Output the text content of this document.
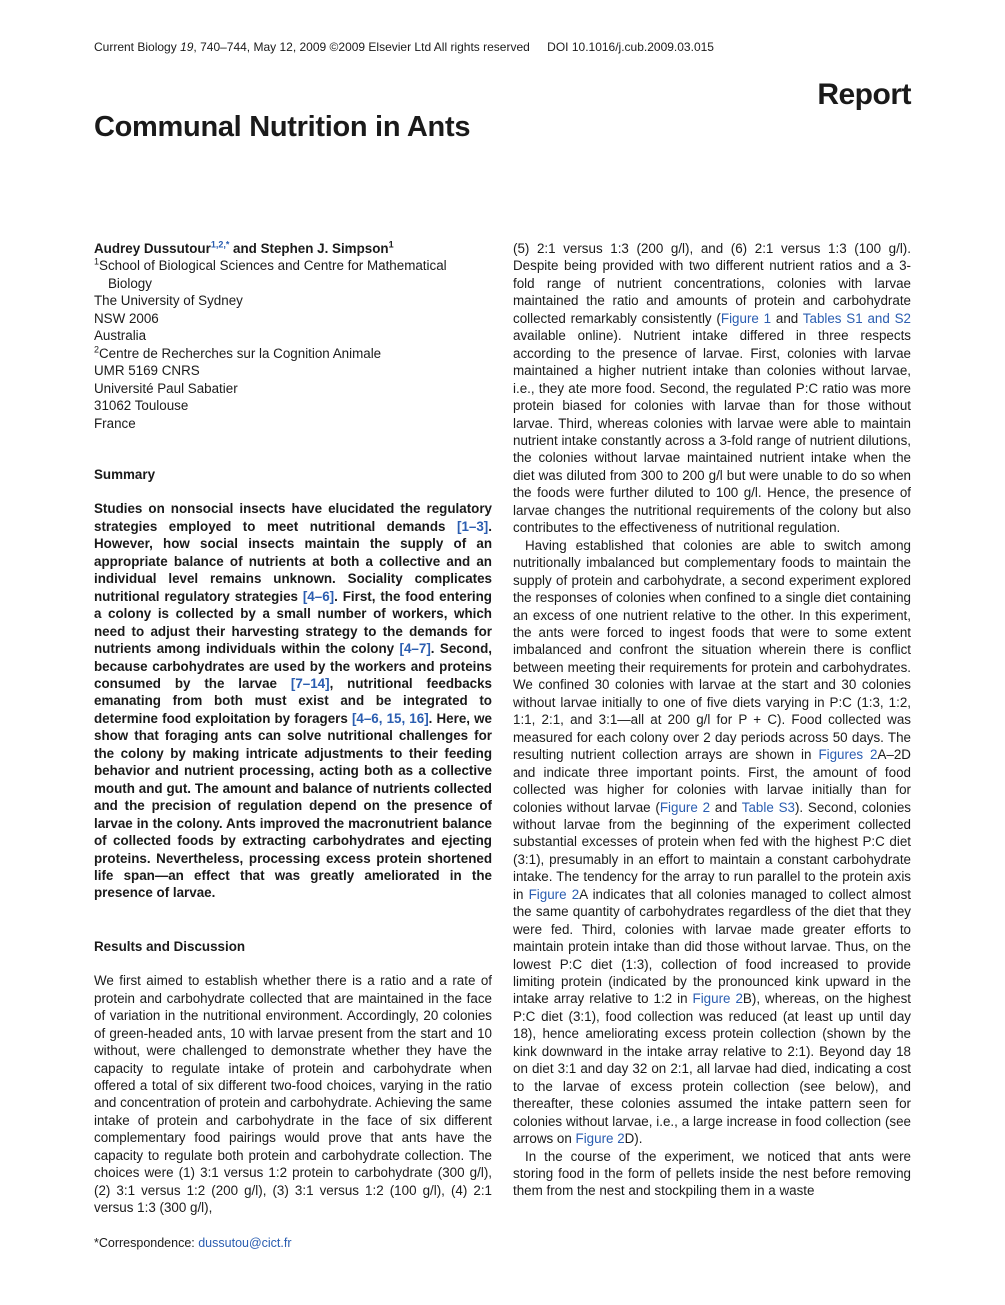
Current Biology 19, 740–744, May 12, 2009 ©2009 Elsevier Ltd All rights reserved DOI 10.1016/j.cub.2009.03.015
Report
Communal Nutrition in Ants
Audrey Dussutour$^{1,2,*}$ and Stephen J. Simpson$^1$
$^1$School of Biological Sciences and Centre for Mathematical
Biology
The University of Sydney
NSW 2006
Australia
$^2$Centre de Recherches sur la Cognition Animale
UMR 5169 CNRS
Université Paul Sabatier
31062 Toulouse
France
Summary

Studies on nonsocial insects have elucidated the regulatory strategies employed to meet nutritional demands [1–3]. However, how social insects maintain the supply of an appropriate balance of nutrients at both a collective and an individual level remains unknown. Sociality complicates nutritional regulatory strategies [4–6]. First, the food entering a colony is collected by a small number of workers, which need to adjust their harvesting strategy to the demands for nutrients among individuals within the colony [4–7]. Second, because carbohydrates are used by the workers and proteins consumed by the larvae [7–14], nutritional feedbacks emanating from both must exist and be integrated to determine food exploitation by foragers [4–6, 15, 16]. Here, we show that foraging ants can solve nutritional challenges for the colony by making intricate adjustments to their feeding behavior and nutrient processing, acting both as a collective mouth and gut. The amount and balance of nutrients collected and the precision of regulation depend on the presence of larvae in the colony. Ants improved the macronutrient balance of collected foods by extracting carbohydrates and ejecting proteins. Nevertheless, processing excess protein shortened life span—an effect that was greatly ameliorated in the presence of larvae.

Results and Discussion

We first aimed to establish whether there is a ratio and a rate of protein and carbohydrate collected that are maintained in the face of variation in the nutritional environment. Accordingly, 20 colonies of green-headed ants, 10 with larvae present from the start and 10 without, were challenged to demonstrate whether they have the capacity to regulate intake of protein and carbohydrate when offered a total of six different two-food choices, varying in the ratio and concentration of protein and carbohydrate. Achieving the same intake of protein and carbohydrate in the face of six different complementary food pairings would prove that ants have the capacity to regulate both protein and carbohydrate collection. The choices were (1) 3:1 versus 1:2 protein to carbohydrate (300 g/l), (2) 3:1 versus 1:2 (200 g/l), (3) 3:1 versus 1:2 (100 g/l), (4) 2:1 versus 1:3 (300 g/l),

(5) 2:1 versus 1:3 (200 g/l), and (6) 2:1 versus 1:3 (100 g/l). Despite being provided with two different nutrient ratios and a 3-fold range of nutrient concentrations, colonies with larvae maintained the ratio and amounts of protein and carbohydrate collected remarkably consistently (Figure 1 and Tables S1 and S2 available online). Nutrient intake differed in three respects according to the presence of larvae. First, colonies with larvae maintained a higher nutrient intake than colonies without larvae, i.e., they ate more food. Second, the regulated P:C ratio was more protein biased for colonies with larvae than for those without larvae. Third, whereas colonies with larvae were able to maintain nutrient intake constantly across a 3-fold range of nutrient dilutions, the colonies without larvae maintained nutrient intake when the diet was diluted from 300 to 200 g/l but were unable to do so when the foods were further diluted to 100 g/l. Hence, the presence of larvae changes the nutritional requirements of the colony but also contributes to the effectiveness of nutritional regulation.

Having established that colonies are able to switch among nutritionally imbalanced but complementary foods to maintain the supply of protein and carbohydrate, a second experiment explored the responses of colonies when confined to a single diet containing an excess of one nutrient relative to the other. In this experiment, the ants were forced to ingest foods that were to some extent imbalanced and confront the situation wherein there is conflict between meeting their requirements for protein and carbohydrates. We confined 30 colonies with larvae at the start and 30 colonies without larvae initially to one of five diets varying in P:C (1:3, 1:2, 1:1, 2:1, and 3:1—all at 200 g/l for P + C). Food collected was measured for each colony over 2 day periods across 50 days. The resulting nutrient collection arrays are shown in Figures 2A–2D and indicate three important points. First, the amount of food collected was higher for colonies with larvae initially than for colonies without larvae (Figure 2 and Table S3). Second, colonies without larvae from the beginning of the experiment collected substantial excesses of protein when fed with the highest P:C diet (3:1), presumably in an effort to maintain a constant carbohydrate intake. The tendency for the array to run parallel to the protein axis in Figure 2A indicates that all colonies managed to collect almost the same quantity of carbohydrates regardless of the diet that they were fed. Third, colonies with larvae made greater efforts to maintain protein intake than did those without larvae. Thus, on the lowest P:C diet (1:3), collection of food increased to provide limiting protein (indicated by the pronounced kink upward in the intake array relative to 1:2 in Figure 2B), whereas, on the highest P:C diet (3:1), food collection was reduced (at least up until day 18), hence ameliorating excess protein collection (shown by the kink downward in the intake array relative to 2:1). Beyond day 18 on diet 3:1 and day 32 on 2:1, all larvae had died, indicating a cost to the larvae of excess protein collection (see below), and thereafter, these colonies assumed the intake pattern seen for colonies without larvae, i.e., a large increase in food collection (see arrows on Figure 2D).

In the course of the experiment, we noticed that ants were storing food in the form of pellets inside the nest before removing them from the nest and stockpiling them in a waste

*Correspondence: dussutou@cict.fr
